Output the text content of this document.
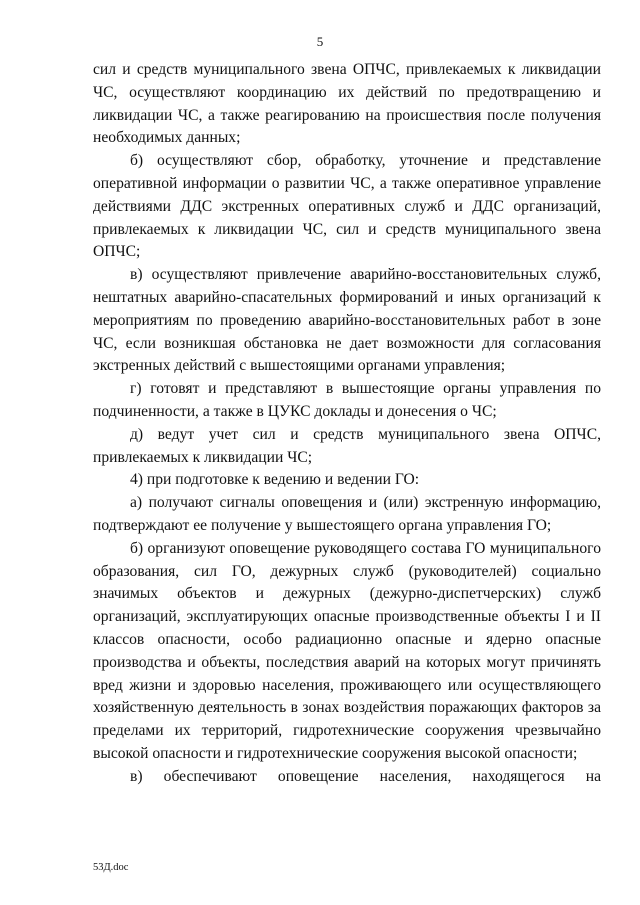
5

сил и средств муниципального звена ОПЧС, привлекаемых к ликвидации ЧС, осуществляют координацию их действий по предотвращению и ликвидации ЧС, а также реагированию на происшествия после получения необходимых данных;

б) осуществляют сбор, обработку, уточнение и представление оперативной информации о развитии ЧС, а также оперативное управление действиями ДДС экстренных оперативных служб и ДДС организаций, привлекаемых к ликвидации ЧС, сил и средств муниципального звена ОПЧС;

в) осуществляют привлечение аварийно-восстановительных служб, нештатных аварийно-спасательных формирований и иных организаций к мероприятиям по проведению аварийно-восстановительных работ в зоне ЧС, если возникшая обстановка не дает возможности для согласования экстренных действий с вышестоящими органами управления;

г) готовят и представляют в вышестоящие органы управления по подчиненности, а также в ЦУКС доклады и донесения о ЧС;

д) ведут учет сил и средств муниципального звена ОПЧС, привлекаемых к ликвидации ЧС;

4) при подготовке к ведению и ведении ГО:

а) получают сигналы оповещения и (или) экстренную информацию, подтверждают ее получение у вышестоящего органа управления ГО;

б) организуют оповещение руководящего состава ГО муниципального образования, сил ГО, дежурных служб (руководителей) социально значимых объектов и дежурных (дежурно-диспетчерских) служб организаций, эксплуатирующих опасные производственные объекты I и II классов опасности, особо радиационно опасные и ядерно опасные производства и объекты, последствия аварий на которых могут причинять вред жизни и здоровью населения, проживающего или осуществляющего хозяйственную деятельность в зонах воздействия поражающих факторов за пределами их территорий, гидротехнические сооружения чрезвычайно высокой опасности и гидротехнические сооружения высокой опасности;

в) обеспечивают оповещение населения, находящегося на

53Д.doc
